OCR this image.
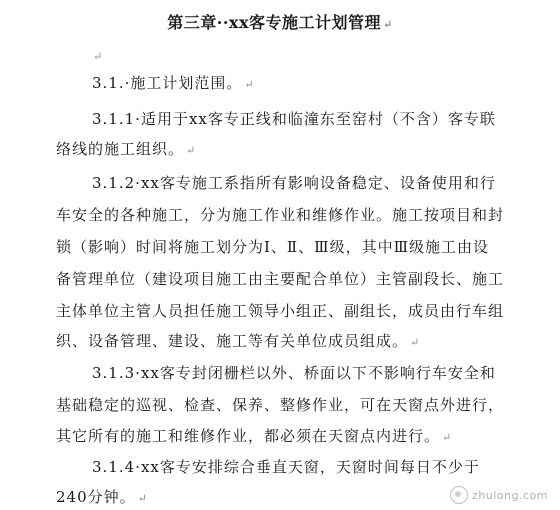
第三章··xx客专施工计划管理 ↵
↵
3.1.·施工计划范围。 ↵
3.1.1·适用于xx客专正线和临潼东至窑村（不含）客专联
络线的施工组织。 ↵
3.1.2·xx客专施工系指所有影响设备稳定、设备使用和行
车安全的各种施工，分为施工作业和维修作业。施工按项目和封
锁（影响）时间将施工划分为Ⅰ、Ⅱ、Ⅲ级，其中Ⅲ级施工由设
备管理单位（建设项目施工由主要配合单位）主管副段长、施工
主体单位主管人员担任施工领导小组正、副组长，成员由行车组
织、设备管理、建设、施工等有关单位成员组成。 ↵
3.1.3·xx客专封闭栅栏以外、桥面以下不影响行车安全和
基础稳定的巡视、检查、保养、整修作业，可在天窗点外进行，
其它所有的施工和维修作业，都必须在天窗点内进行。 ↵
3.1.4·xx客专安排综合垂直天窗，天窗时间每日不少于
240分钟。 ↵	zhulong.com
